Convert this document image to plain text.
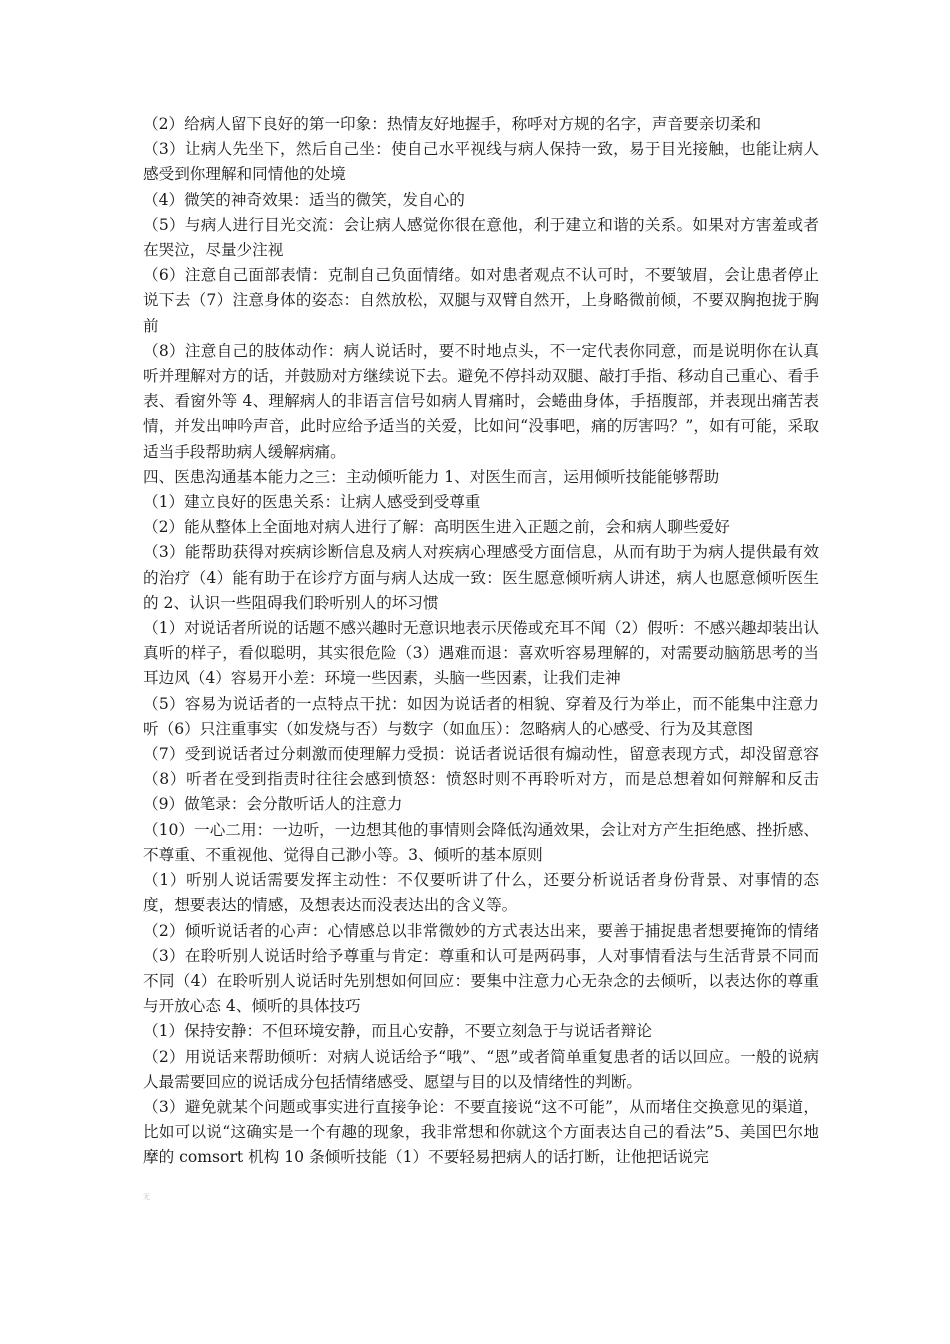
（2）给病人留下良好的第一印象：热情友好地握手，称呼对方规的名字，声音要亲切柔和

（3）让病人先坐下，然后自己坐：使自己水平视线与病人保持一致，易于目光接触，也能让病人感受到你理解和同情他的处境

（4）微笑的神奇效果：适当的微笑，发自心的

（5）与病人进行目光交流：会让病人感觉你很在意他，利于建立和谐的关系。如果对方害羞或者在哭泣，尽量少注视

（6）注意自己面部表情：克制自己负面情绪。如对患者观点不认可时，不要皱眉，会让患者停止说下去（7）注意身体的姿态：自然放松，双腿与双臂自然开，上身略微前倾，不要双胸抱拢于胸前

（8）注意自己的肢体动作：病人说话时，要不时地点头，不一定代表你同意，而是说明你在认真听并理解对方的话，并鼓励对方继续说下去。避免不停抖动双腿、敲打手指、移动自己重心、看手表、看窗外等 4、理解病人的非语言信号如病人胃痛时，会蜷曲身体，手捂腹部，并表现出痛苦表情，并发出呻吟声音，此时应给予适当的关爱，比如问“没事吧，痛的厉害吗？”，如有可能，采取适当手段帮助病人缓解病痛。

四、医患沟通基本能力之三：主动倾听能力 1、对医生而言，运用倾听技能能够帮助

（1）建立良好的医患关系：让病人感受到受尊重

（2）能从整体上全面地对病人进行了解：高明医生进入正题之前，会和病人聊些爱好

（3）能帮助获得对疾病诊断信息及病人对疾病心理感受方面信息，从而有助于为病人提供最有效的治疗（4）能有助于在诊疗方面与病人达成一致：医生愿意倾听病人讲述，病人也愿意倾听医生的 2、认识一些阻碍我们聆听别人的坏习惯

（1）对说话者所说的话题不感兴趣时无意识地表示厌倦或充耳不闻（2）假听：不感兴趣却装出认真听的样子，看似聪明，其实很危险（3）遇难而退：喜欢听容易理解的，对需要动脑筋思考的当耳边风（4）容易开小差：环境一些因素，头脑一些因素，让我们走神

（5）容易为说话者的一点特点干扰：如因为说话者的相貌、穿着及行为举止，而不能集中注意力听（6）只注重事实（如发烧与否）与数字（如血压）：忽略病人的心感受、行为及其意图

（7）受到说话者过分刺激而使理解力受损：说话者说话很有煽动性，留意表现方式，却没留意容（8）听者在受到指责时往往会感到愤怒：愤怒时则不再聆听对方，而是总想着如何辩解和反击（9）做笔录：会分散听话人的注意力

（10）一心二用：一边听，一边想其他的事情则会降低沟通效果，会让对方产生拒绝感、挫折感、不尊重、不重视他、觉得自己渺小等。3、倾听的基本原则

（1）听别人说话需要发挥主动性：不仅要听讲了什么，还要分析说话者身份背景、对事情的态度，想要表达的情感，及想表达而没表达出的含义等。

（2）倾听说话者的心声：心情感总以非常微妙的方式表达出来，要善于捕捉患者想要掩饰的情绪（3）在聆听别人说话时给予尊重与肯定：尊重和认可是两码事，人对事情看法与生活背景不同而不同（4）在聆听别人说话时先别想如何回应：要集中注意力心无杂念的去倾听，以表达你的尊重与开放心态 4、倾听的具体技巧

（1）保持安静：不但环境安静，而且心安静，不要立刻急于与说话者辩论

（2）用说话来帮助倾听：对病人说话给予“哦”、“恩”或者简单重复患者的话以回应。一般的说病人最需要回应的说话成分包括情绪感受、愿望与目的以及情绪性的判断。

（3）避免就某个问题或事实进行直接争论：不要直接说“这不可能”，从而堵住交换意见的渠道，比如可以说“这确实是一个有趣的现象，我非常想和你就这个方面表达自己的看法”5、美国巴尔地摩的 comsort 机构 10 条倾听技能（1）不要轻易把病人的话打断，让他把话说完

无
